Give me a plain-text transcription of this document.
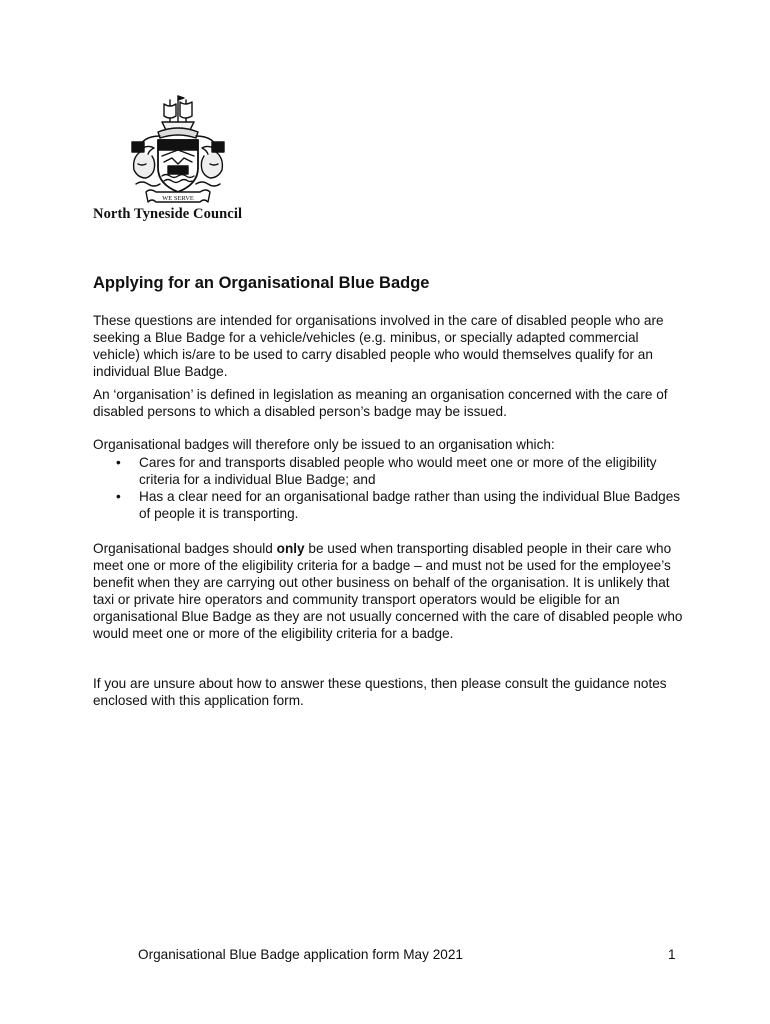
WE SERVE
North Tyneside Council
Applying for an Organisational Blue Badge

These questions are intended for organisations involved in the care of disabled people who are seeking a Blue Badge for a vehicle/vehicles (e.g. minibus, or specially adapted commercial vehicle) which is/are to be used to carry disabled people who would themselves qualify for an individual Blue Badge.

An ‘organisation’ is defined in legislation as meaning an organisation concerned with the care of disabled persons to which a disabled person’s badge may be issued.

Organisational badges will therefore only be issued to an organisation which:

• Cares for and transports disabled people who would meet one or more of the eligibility criteria for a individual Blue Badge; and
• Has a clear need for an organisational badge rather than using the individual Blue Badges of people it is transporting.

Organisational badges should only be used when transporting disabled people in their care who meet one or more of the eligibility criteria for a badge – and must not be used for the employee’s benefit when they are carrying out other business on behalf of the organisation. It is unlikely that taxi or private hire operators and community transport operators would be eligible for an organisational Blue Badge as they are not usually concerned with the care of disabled people who would meet one or more of the eligibility criteria for a badge.

If you are unsure about how to answer these questions, then please consult the guidance notes enclosed with this application form.

Organisational Blue Badge application form May 2021	1
